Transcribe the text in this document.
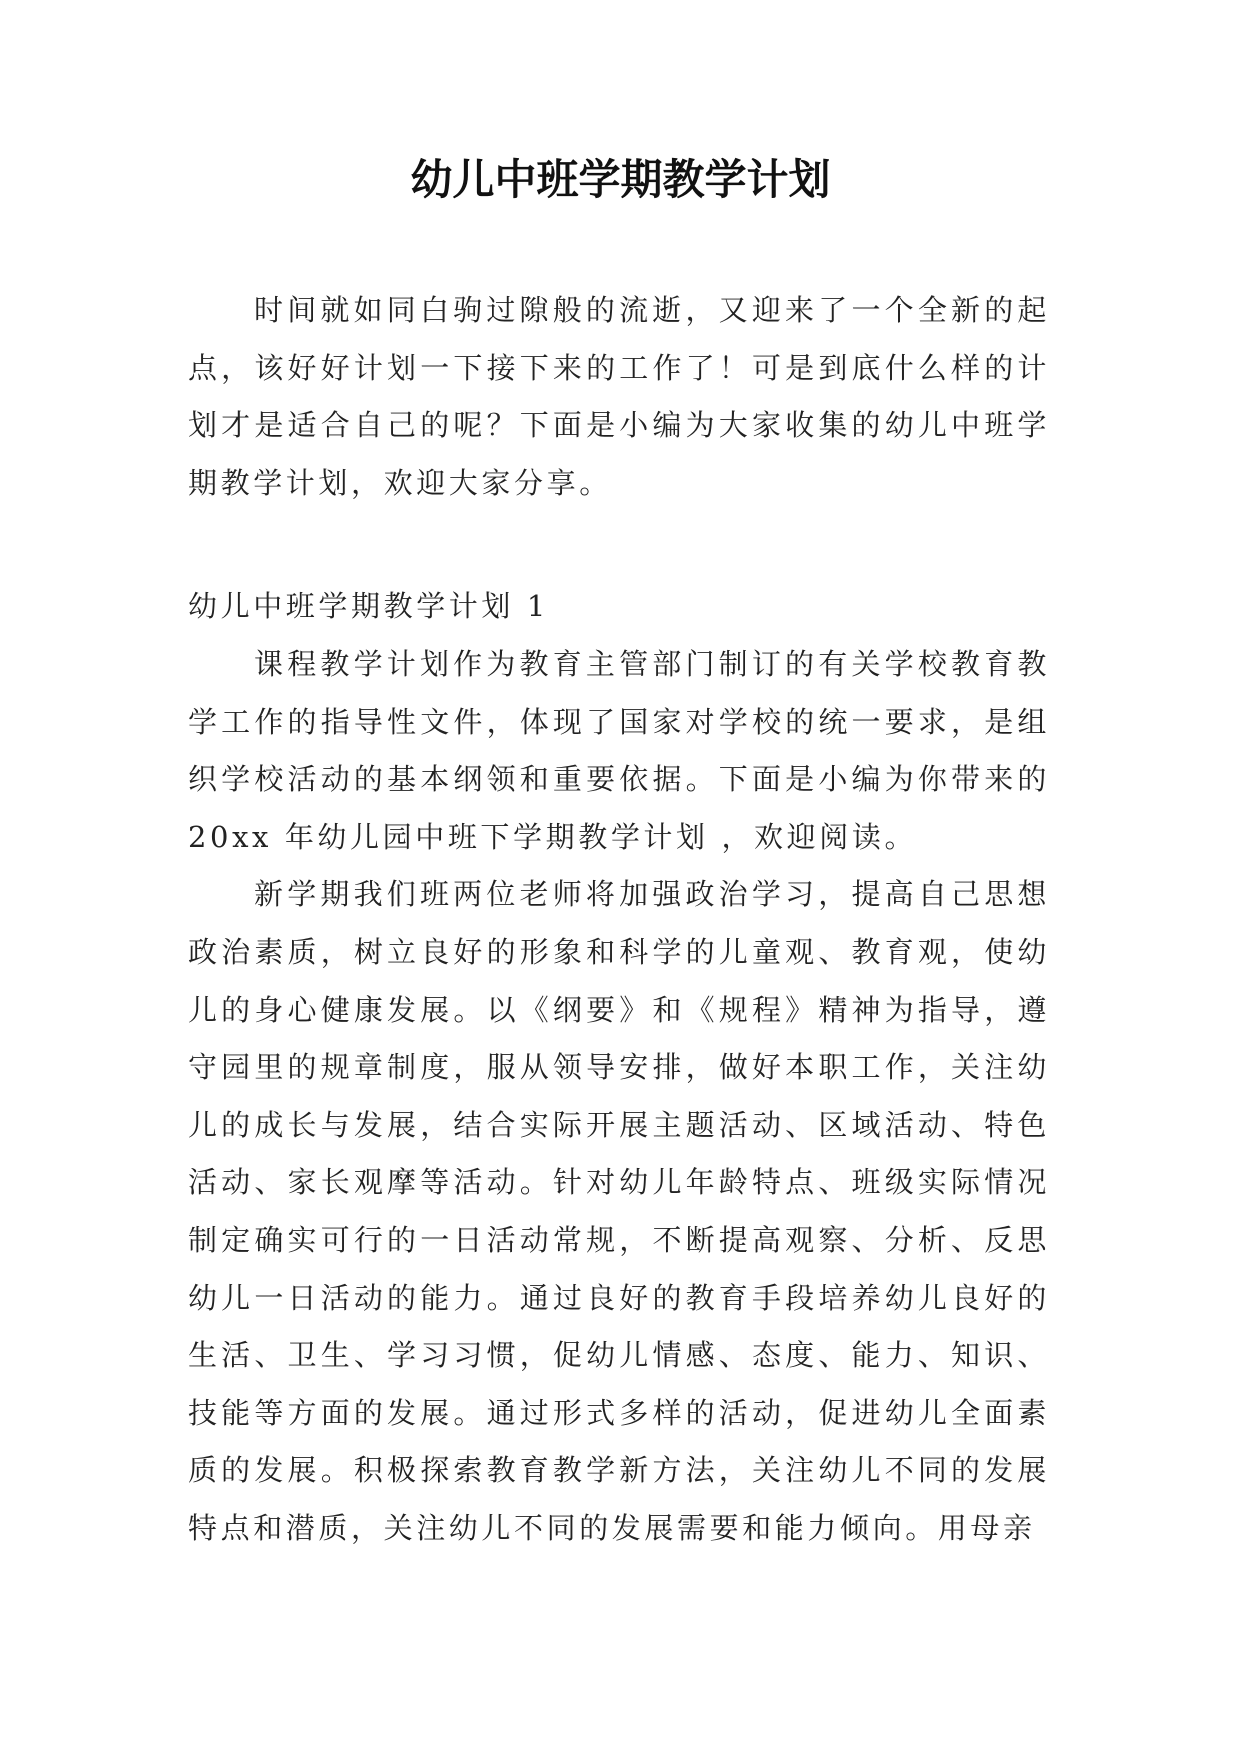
幼儿中班学期教学计划

时间就如同白驹过隙般的流逝，又迎来了一个全新的起点，该好好计划一下接下来的工作了！可是到底什么样的计划才是适合自己的呢？下面是小编为大家收集的幼儿中班学期教学计划，欢迎大家分享。

幼儿中班学期教学计划 1

课程教学计划作为教育主管部门制订的有关学校教育教学工作的指导性文件，体现了国家对学校的统一要求，是组织学校活动的基本纲领和重要依据。下面是小编为你带来的 20xx 年幼儿园中班下学期教学计划 ，欢迎阅读。

新学期我们班两位老师将加强政治学习，提高自己思想政治素质，树立良好的形象和科学的儿童观、教育观，使幼儿的身心健康发展。以《纲要》和《规程》精神为指导，遵守园里的规章制度，服从领导安排，做好本职工作，关注幼儿的成长与发展，结合实际开展主题活动、区域活动、特色活动、家长观摩等活动。针对幼儿年龄特点、班级实际情况制定确实可行的一日活动常规，不断提高观察、分析、反思幼儿一日活动的能力。通过良好的教育手段培养幼儿良好的生活、卫生、学习习惯，促幼儿情感、态度、能力、知识、技能等方面的发展。通过形式多样的活动，促进幼儿全面素质的发展。积极探索教育教学新方法，关注幼儿不同的发展特点和潜质，关注幼儿不同的发展需要和能力倾向。用母亲
